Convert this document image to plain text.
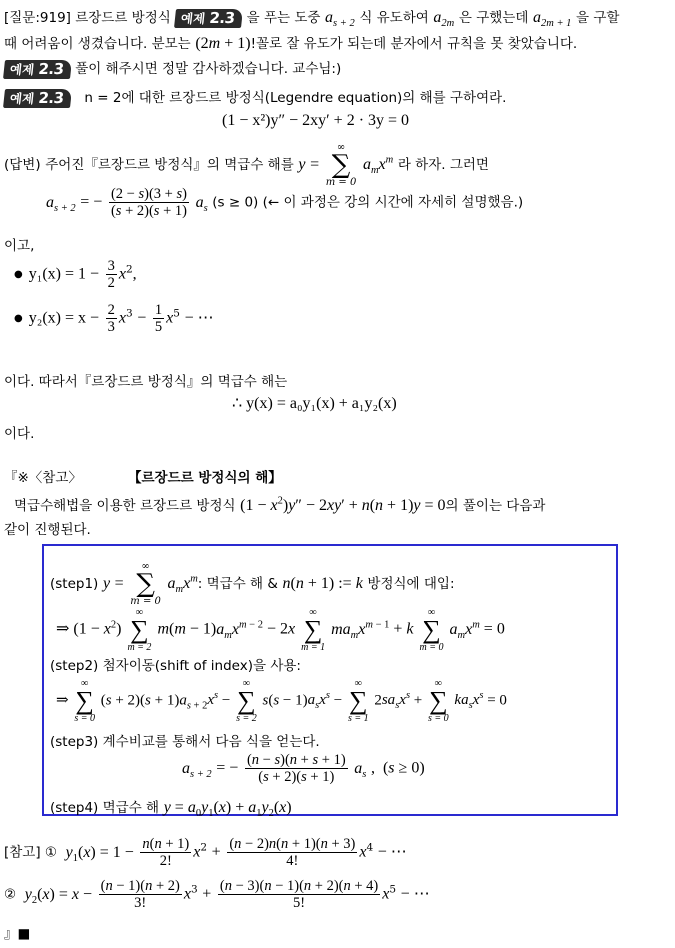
[질문:919] 르장드르 방정식 예제 2.3 을 푸는 도중 $a_{s + 2}$ 식 유도하여 $a_{2m}$ 은 구했는데 $a_{2m + 1}$ 을 구할
때 어려움이 생겼습니다. 분모는 (2m + 1)!꼴로 잘 유도가 되는데 분자에서 규칙을 못 찾았습니다.
예제 2.3 풀이 해주시면 정말 감사하겠습니다. 교수님:)
예제 2.3 n = 2에 대한 르장드르 방정식(Legendre equation)의 해를 구하여라.
(1 − x²)y″ − 2xy′ + 2 · 3y = 0
(답변) 주어진『르장드르 방정식』의 멱급수 해를 y =
∞
∑
m = 0
$a_mx^m$ 라 하자. 그러면
$a_{s + 2}$ = − $\frac{(2 - s)(3 + s)}{(s + 2)(s + 1)} a_s$ (s ≥ 0) (← 이 과정은 강의 시간에 자세히 설명했음.)
이고,
● $y_1(x) = 1 - \frac{3}{2} x^2$,
● $y_2(x) = x - \frac{2}{3} x^3 - \frac{1}{5} x^5$ − ⋯
이다. 따라서『르장드르 방정식』의 멱급수 해는
∴ y(x) = a₀y₁(x) + a₁y₂(x)
이다.
『※〈참고〉	【르장드르 방정식의 해】
멱급수해법을 이용한 르장드르 방정식 $(1 - x^2)y'' - 2xy' + n(n + 1)y = 0$의 풀이는 다음과
같이 진행된다.
(step1) y =
∞
∑
m = 0
$a_mx^m$: 멱급수 해 & n(n + 1) := k 방정식에 대입:
⇒ $(1 - x^2)$
∞
∑
m = 2
$m(m - 1)a_mx^{m - 2} - 2x$
∞
∑
m = 1
$ma_mx^{m - 1} + k$
∞
∑
m = 0
$a_mx^m = 0$
(step2) 첨자이동(shift of index)을 사용:
⇒
∞
∑
s = 0
$(s + 2)(s + 1)a_{s + 2}x^s$ −
∞
∑
s = 2
$s(s - 1)a_sx^s$ −
∞
∑
s = 1
$2sa_sx^s$ +
∞
∑
s = 0
$ka_sx^s = 0$
(step3) 계수비교를 통해서 다음 식을 얻는다.
$a_{s + 2}$ = − $\frac{(n - s)(n + s + 1)}{(s + 2)(s + 1)} a_s$ ,  (s ≥ 0)
(step4) 멱급수 해 $y = a_0y_1(x) + a_1y_2(x)$
[참고] ① $y_1(x) = 1 - \frac{n(n + 1)}{2!} x^2 + \frac{(n - 2)n(n + 1)(n + 3)}{4!} x^4$ − ⋯
② $y_2(x) = x - \frac{(n - 1)(n + 2)}{3!} x^3 + \frac{(n - 3)(n - 1)(n + 2)(n + 4)}{5!} x^5$ − ⋯
』■
